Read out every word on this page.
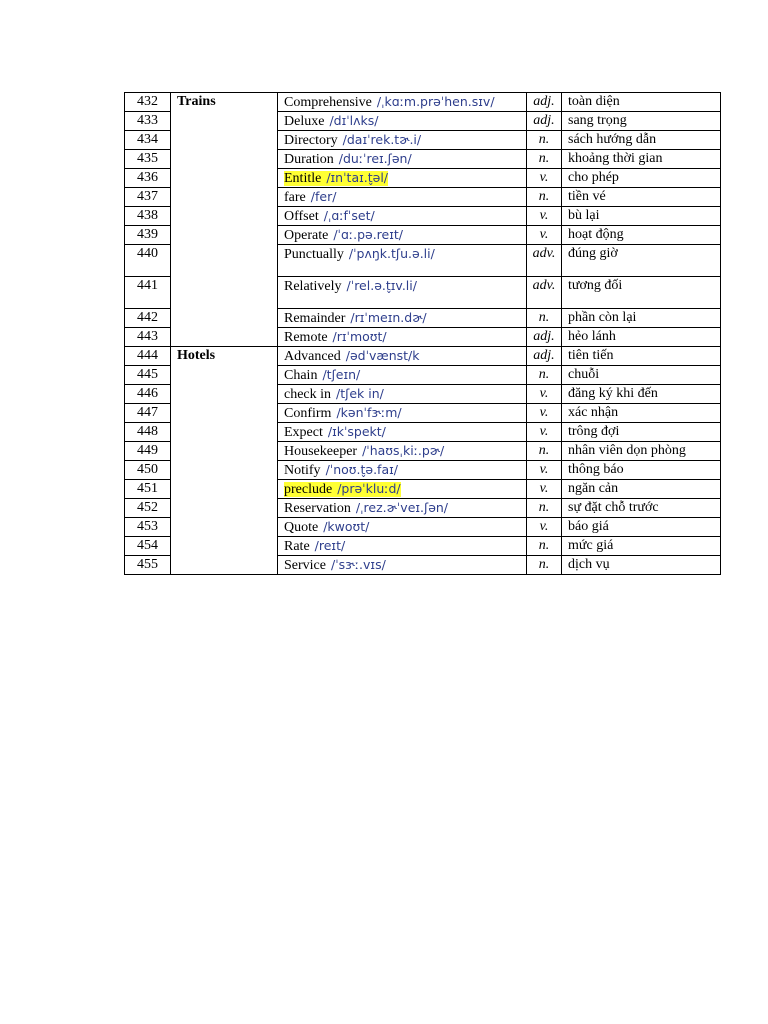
432	Trains	Comprehensive /ˌkɑːm.prəˈhen.sɪv/	adj.	toàn diện
433		Deluxe /dɪˈlʌks/	adj.	sang trọng
434		Directory /daɪˈrek.tɚ.i/	n.	sách hướng dẫn
435		Duration /duːˈreɪ.ʃən/	n.	khoảng thời gian
436		Entitle /ɪnˈtaɪ.t̬əl/	v.	cho phép
437		fare /fer/	n.	tiền vé
438		Offset /ˌɑːfˈset/	v.	bù lại
439		Operate /ˈɑː.pə.reɪt/	v.	hoạt động
440		Punctually /ˈpʌŋk.tʃu.ə.li/	adv.	đúng giờ
441		Relatively /ˈrel.ə.t̬ɪv.li/	adv.	tương đối
442		Remainder /rɪˈmeɪn.dɚ/	n.	phần còn lại
443		Remote /rɪˈmoʊt/	adj.	hẻo lánh
444	Hotels	Advanced /ədˈvænst/k	adj.	tiên tiến
445		Chain /tʃeɪn/	n.	chuỗi
446		check in /tʃek in/	v.	đăng ký khi đến
447		Confirm /kənˈfɝːm/	v.	xác nhận
448		Expect /ɪkˈspekt/	v.	trông đợi
449		Housekeeper /ˈhaʊsˌkiː.pɚ/	n.	nhân viên dọn phòng
450		Notify /ˈnoʊ.t̬ə.faɪ/	v.	thông báo
451		preclude /prəˈkluːd/	v.	ngăn cản
452		Reservation /ˌrez.ɚˈveɪ.ʃən/	n.	sự đặt chỗ trước
453		Quote /kwoʊt/	v.	báo giá
454		Rate /reɪt/	n.	mức giá
455		Service /ˈsɝː.vɪs/	n.	dịch vụ
